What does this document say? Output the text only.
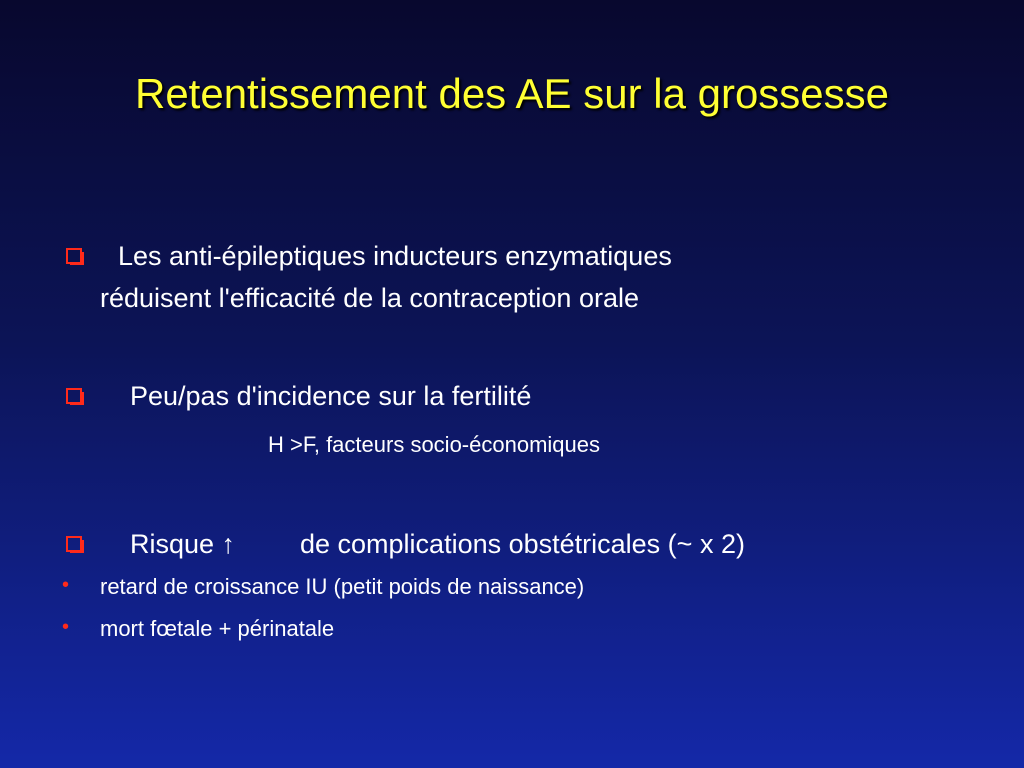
Retentissement des AE sur la grossesse
Les anti-épileptiques inducteurs enzymatiques
réduisent l'efficacité de la contraception orale
Peu/pas d'incidence sur la fertilité
H >F, facteurs socio-économiques
Risque ↑ de complications obstétricales (~ x 2)
• retard de croissance IU (petit poids de naissance)
• mort fœtale + périnatale
